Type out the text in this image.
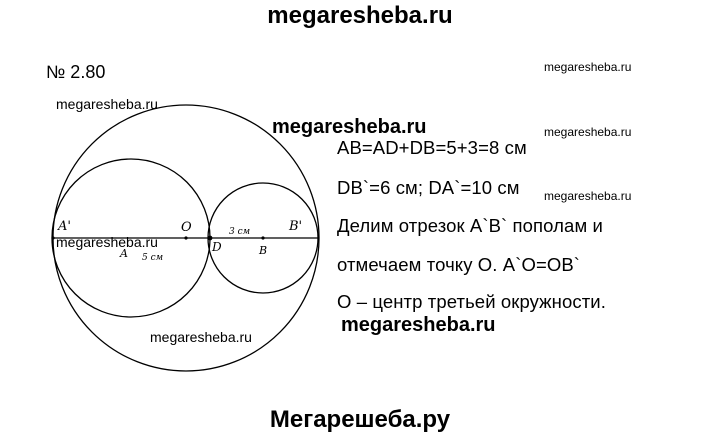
megaresheba.ru
№ 2.80
A'	O
A 5 см
D
3 см
B
B'
megaresheba.ru
megaresheba.ru
megaresheba.ru	megaresheba.ru
megaresheba.ru
megaresheba.ru
megaresheba.ru
megaresheba.ru
AB=AD+DB=5+3=8 см
DB`=6 см; DA`=10 см
Делим отрезок A`B` пополам и
отмечаем точку О. A`O=OB`
О – центр третьей окружности.
Мегарешеба.ру
